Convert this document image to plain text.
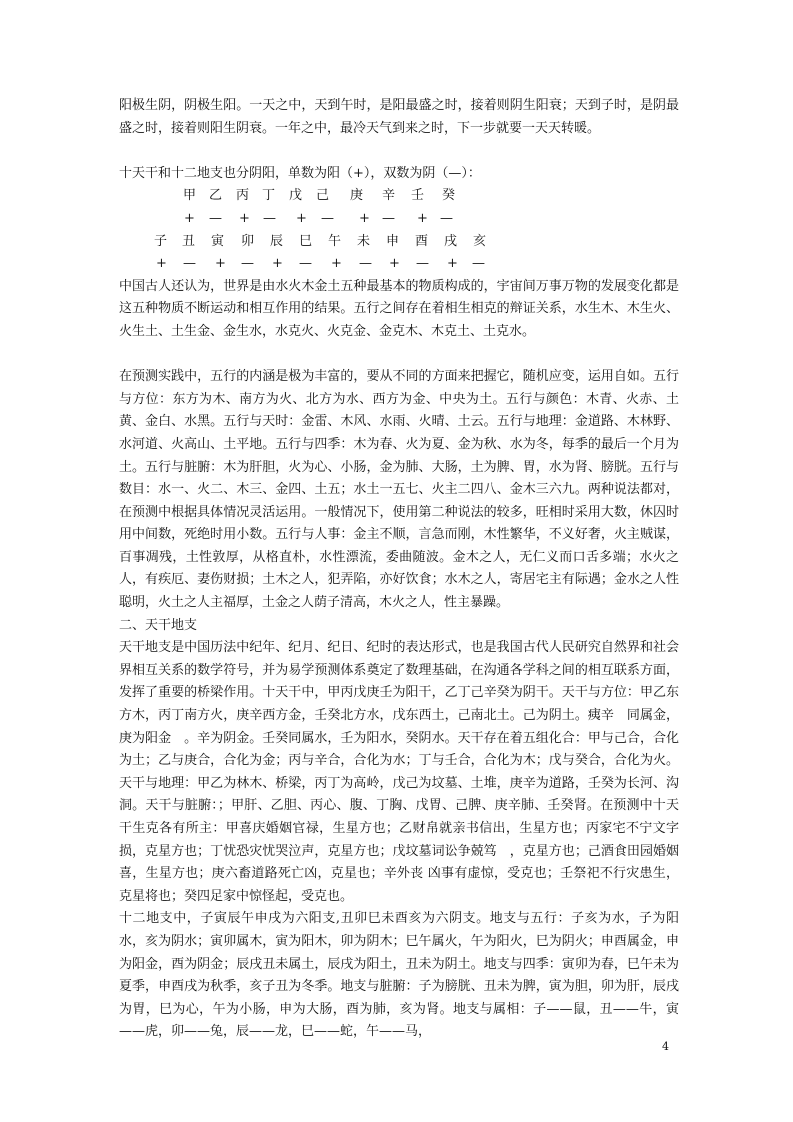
阳极生阴，阴极生阳。一天之中，天到午时，是阳最盛之时，接着则阴生阳衰；天到子时，是阴最盛之时，接着则阳生阴衰。一年之中，最冷天气到来之时，下一步就要一天天转暖。

十天干和十二地支也分阴阳，单数为阳（+），双数为阴（—）：

甲 乙 丙 丁 戊 己 庚 辛 壬 癸
+ — + — + — + — + —
子 丑 寅 卯 辰 巳 午 未 申 酉 戌 亥
+ — + — + — + — + — + —

中国古人还认为，世界是由水火木金土五种最基本的物质构成的，宇宙间万事万物的发展变化都是这五种物质不断运动和相互作用的结果。五行之间存在着相生相克的辩证关系，水生木、木生火、火生土、土生金、金生水，水克火、火克金、金克木、木克土、土克水。

在预测实践中，五行的内涵是极为丰富的，要从不同的方面来把握它，随机应变，运用自如。五行与方位：东方为木、南方为火、北方为水、西方为金、中央为土。五行与颜色：木青、火赤、土黄、金白、水黑。五行与天时：金雷、木风、水雨、火晴、土云。五行与地理：金道路、木林野、水河道、火高山、土平地。五行与四季：木为春、火为夏、金为秋、水为冬，每季的最后一个月为土。五行与脏腑：木为肝胆，火为心、小肠，金为肺、大肠，土为脾、胃，水为肾、膀胱。五行与数目：水一、火二、木三、金四、土五；水土一五七、火主二四八、金木三六九。两种说法都对，在预测中根据具体情况灵活运用。一般情况下，使用第二种说法的较多，旺相时采用大数，休囚时用中间数，死绝时用小数。五行与人事：金主不顺，言急而刚，木性繁华，不义好奢，火主贼谋，百事凋残，土性敦厚，从格直朴，水性漂流，委曲随波。金木之人，无仁义而口舌多端；水火之人，有疾厄、妻伤财损；土木之人，犯弄陷，亦好饮食；水木之人，寄居宅主有际遇；金水之人性聪明，火土之人主福厚，土金之人荫子清高，木火之人，性主暴躁。

二、天干地支

天干地支是中国历法中纪年、纪月、纪日、纪时的表达形式，也是我国古代人民研究自然界和社会界相互关系的数学符号，并为易学预测体系奠定了数理基础，在沟通各学科之间的相互联系方面，发挥了重要的桥梁作用。十天干中，甲丙戊庚壬为阳干，乙丁己辛癸为阴干。天干与方位：甲乙东方木，丙丁南方火，庚辛西方金，壬癸北方水，戊东西土，己南北土。己为阴土。痍辛　同属金，庚为阳金　。辛为阴金。壬癸同属水，壬为阳水，癸阴水。天干存在着五组化合：甲与己合，合化为土；乙与庚合，合化为金；丙与辛合，合化为水；丁与壬合，合化为木；戊与癸合，合化为火。天干与地理：甲乙为林木、桥梁，丙丁为高岭，戊己为坟墓、土堆，庚辛为道路，壬癸为长河、沟洞。天干与脏腑：；甲肝、乙胆、丙心、腹、丁胸、戊胃、己脾、庚辛肺、壬癸肾。在预测中十天干生克各有所主：甲喜庆婚姻官禄，生星方也；乙财帛就亲书信出，生星方也；丙家宅不宁文字损，克星方也；丁忧恐灾忧哭泣声，克星方也；戊坟墓词讼争兢笃　，克星方也；己酒食田园婚姻喜，生星方也；庚六畜道路死亡凶，克星也；辛外丧 凶事有虚惊，受克也；壬祭祀不行灾患生，克星将也；癸四足家中惊怪起，受克也。

十二地支中，子寅辰午申戌为六阳支,丑卯巳未酉亥为六阴支。地支与五行：子亥为水，子为阳水，亥为阴水；寅卯属木，寅为阳木，卯为阴木；巳午属火，午为阳火，巳为阴火；申酉属金，申为阳金，酉为阴金；辰戌丑未属土，辰戌为阳土，丑未为阴土。地支与四季：寅卯为春，巳午未为夏季，申酉戌为秋季，亥子丑为冬季。地支与脏腑：子为膀胱、丑未为脾，寅为胆，卯为肝，辰戌为胃，巳为心，午为小肠，申为大肠，酉为肺，亥为肾。地支与属相：子——鼠，丑——牛，寅——虎，卯——兔，辰——龙，巳——蛇，午——马，

4
